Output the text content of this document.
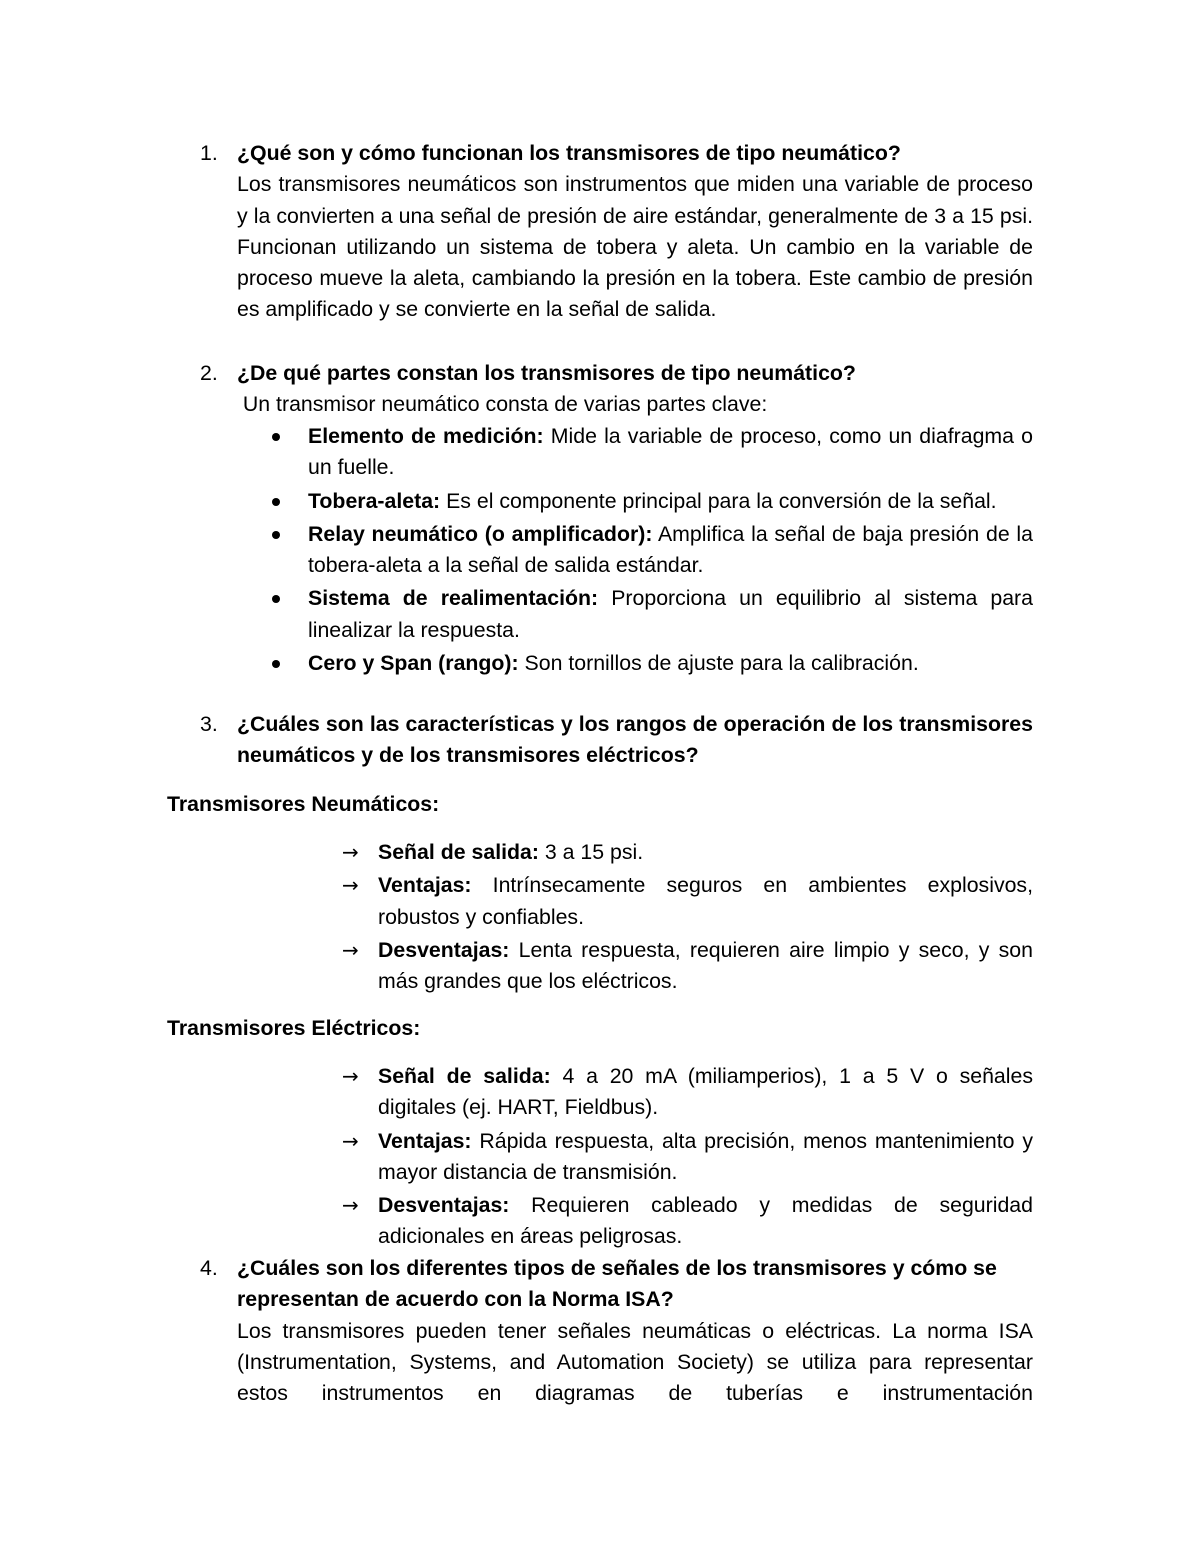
1. ¿Qué son y cómo funcionan los transmisores de tipo neumático?

Los transmisores neumáticos son instrumentos que miden una variable de proceso y la convierten a una señal de presión de aire estándar, generalmente de 3 a 15 psi. Funcionan utilizando un sistema de tobera y aleta. Un cambio en la variable de proceso mueve la aleta, cambiando la presión en la tobera. Este cambio de presión es amplificado y se convierte en la señal de salida.

2. ¿De qué partes constan los transmisores de tipo neumático?

Un transmisor neumático consta de varias partes clave:

Elemento de medición: Mide la variable de proceso, como un diafragma o un fuelle.

Tobera-aleta: Es el componente principal para la conversión de la señal.

Relay neumático (o amplificador): Amplifica la señal de baja presión de la tobera-aleta a la señal de salida estándar.

Sistema de realimentación: Proporciona un equilibrio al sistema para linealizar la respuesta.

Cero y Span (rango): Son tornillos de ajuste para la calibración.

3. ¿Cuáles son las características y los rangos de operación de los transmisores neumáticos y de los transmisores eléctricos?

Transmisores Neumáticos:
→ Señal de salida: 3 a 15 psi.

→ Ventajas: Intrínsecamente seguros en ambientes explosivos, robustos y confiables.

→ Desventajas: Lenta respuesta, requieren aire limpio y seco, y son más grandes que los eléctricos.

Transmisores Eléctricos:
→ Señal de salida: 4 a 20 mA (miliamperios), 1 a 5 V o señales digitales (ej. HART, Fieldbus).

→ Ventajas: Rápida respuesta, alta precisión, menos mantenimiento y mayor distancia de transmisión.

→ Desventajas: Requieren cableado y medidas de seguridad adicionales en áreas peligrosas.

4. ¿Cuáles son los diferentes tipos de señales de los transmisores y cómo se representan de acuerdo con la Norma ISA?

Los transmisores pueden tener señales neumáticas o eléctricas. La norma ISA (Instrumentation, Systems, and Automation Society) se utiliza para representar estos instrumentos en diagramas de tuberías e instrumentación
